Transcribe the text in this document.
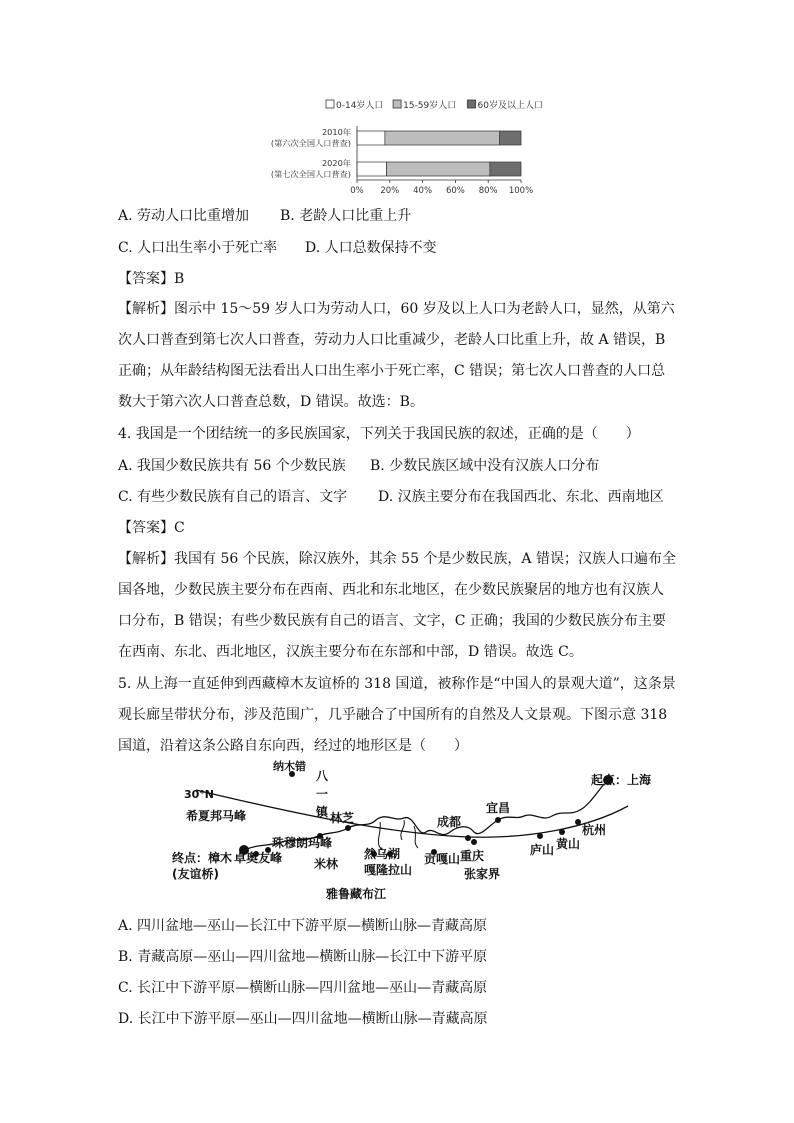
0-14岁人口 15-59岁人口 60岁及以上人口
2010年
(第六次全国人口普查)
2020年
(第七次全国人口普查)
0% 20% 40% 60% 80% 100%
A. 劳动人口比重增加 B. 老龄人口比重上升
C. 人口出生率小于死亡率 D. 人口总数保持不变
【答案】B
【解析】图示中 15～59 岁人口为劳动人口，60 岁及以上人口为老龄人口，显然，从第六
次人口普查到第七次人口普查，劳动力人口比重减少，老龄人口比重上升，故 A 错误，B
正确；从年龄结构图无法看出人口出生率小于死亡率，C 错误；第七次人口普查的人口总
数大于第六次人口普查总数，D 错误。故选：B。
4. 我国是一个团结统一的多民族国家，下列关于我国民族的叙述，正确的是（　　）
A. 我国少数民族共有 56 个少数民族 B. 少数民族区域中没有汉族人口分布
C. 有些少数民族有自己的语言、文字 D. 汉族主要分布在我国西北、东北、西南地区
【答案】C
【解析】我国有 56 个民族，除汉族外，其余 55 个是少数民族，A 错误；汉族人口遍布全
国各地，少数民族主要分布在西南、西北和东北地区，在少数民族聚居的地方也有汉族人
口分布，B 错误；有些少数民族有自己的语言、文字，C 正确；我国的少数民族分布主要
在西南、东北、西北地区，汉族主要分布在东部和中部，D 错误。故选 C。
5. 从上海一直延伸到西藏樟木友谊桥的 318 国道，被称作是“中国人的景观大道”，这条景
观长廊呈带状分布，涉及范围广，几乎融合了中国所有的自然及人文景观。下图示意 318
国道，沿着这条公路自东向西，经过的地形区是（　　）
30°N
起点：上海
纳木错
八
一
镇 林芝
希夏邦马峰
珠穆朗玛峰
卓奥友峰	米林
然乌湖
嘎隆拉山
雅鲁藏布江
贡嘎山
成都
重庆
张家界
宜昌
庐山 黄山
杭州
终点：樟木
(友谊桥)
A. 四川盆地—巫山—长江中下游平原—横断山脉—青藏高原
B. 青藏高原—巫山—四川盆地—横断山脉—长江中下游平原
C. 长江中下游平原—横断山脉—四川盆地—巫山—青藏高原
D. 长江中下游平原—巫山—四川盆地—横断山脉—青藏高原
